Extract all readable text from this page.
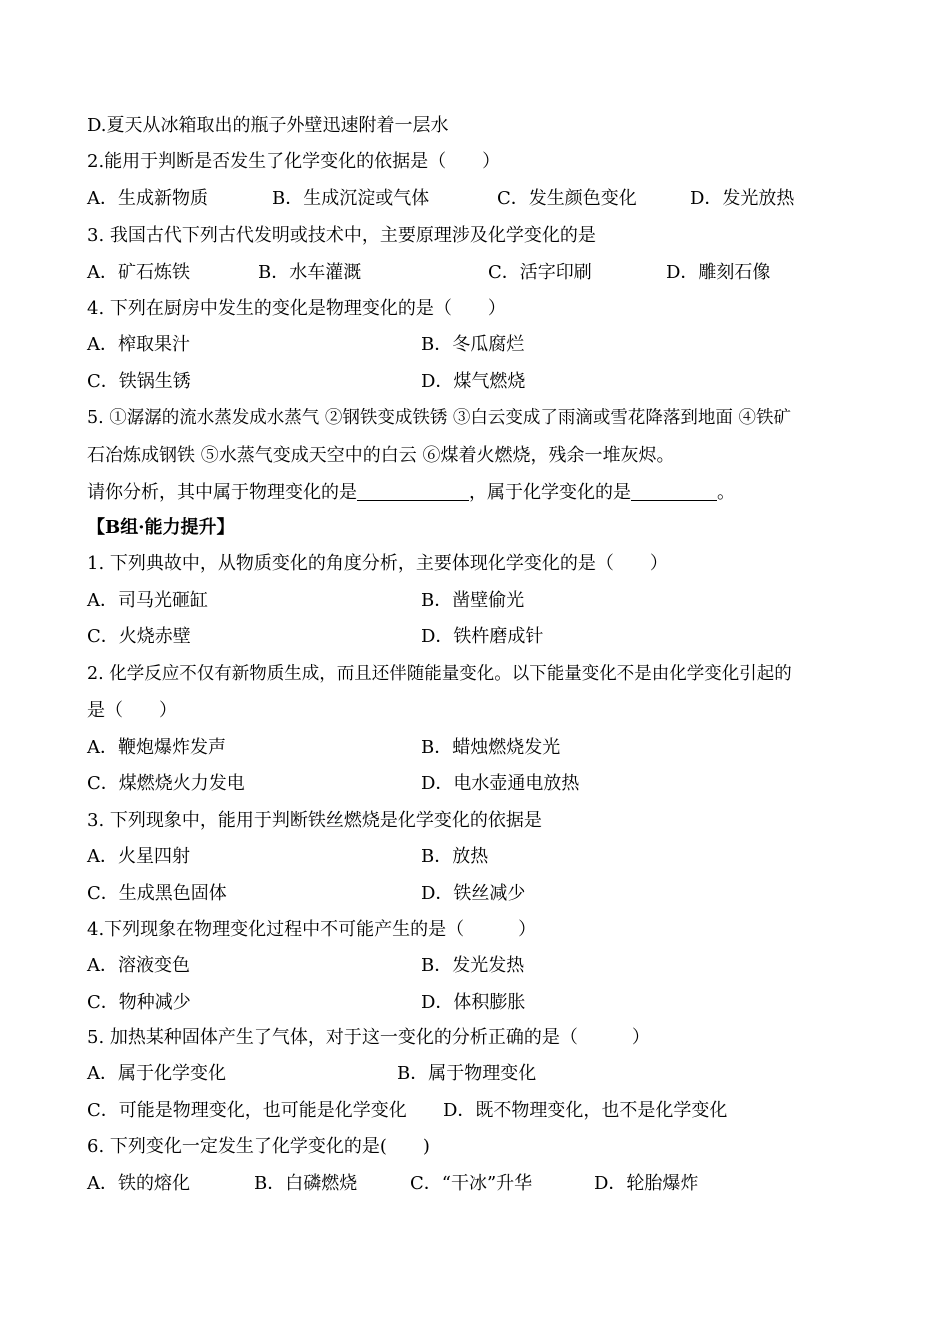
D.夏天从冰箱取出的瓶子外壁迅速附着一层水
2.能用于判断是否发生了化学变化的依据是（　　）
A．生成新物质	B．生成沉淀或气体	C．发生颜色变化	D．发光放热
3. 我国古代下列古代发明或技术中，主要原理涉及化学变化的是
A．矿石炼铁	B．水车灌溉	C．活字印刷	D．雕刻石像
4. 下列在厨房中发生的变化是物理变化的是（　　）
A．榨取果汁	B．冬瓜腐烂
C．铁锅生锈	D．煤气燃烧
5. ①潺潺的流水蒸发成水蒸气 ②钢铁变成铁锈 ③白云变成了雨滴或雪花降落到地面 ④铁矿
石冶炼成钢铁 ⑤水蒸气变成天空中的白云 ⑥煤着火燃烧，残余一堆灰烬。
请你分析，其中属于物理变化的是	，属于化学变化的是	。
【B组·能力提升】
1. 下列典故中，从物质变化的角度分析，主要体现化学变化的是（　　）
A．司马光砸缸	B．凿壁偷光
C．火烧赤壁	D．铁杵磨成针
2. 化学反应不仅有新物质生成，而且还伴随能量变化。以下能量变化不是由化学变化引起的
是（　　）
A．鞭炮爆炸发声	B．蜡烛燃烧发光
C．煤燃烧火力发电	D．电水壶通电放热
3. 下列现象中，能用于判断铁丝燃烧是化学变化的依据是
A．火星四射	B．放热
C．生成黑色固体	D．铁丝减少
4.下列现象在物理变化过程中不可能产生的是（　　　）
A．溶液变色	B．发光发热
C．物种减少	D．体积膨胀
5. 加热某种固体产生了气体，对于这一变化的分析正确的是（　　　）
A．属于化学变化	B．属于物理变化
C．可能是物理变化，也可能是化学变化 D．既不物理变化，也不是化学变化
6. 下列变化一定发生了化学变化的是(　　)
A．铁的熔化	B．白磷燃烧	C．“干冰”升华	D．轮胎爆炸
